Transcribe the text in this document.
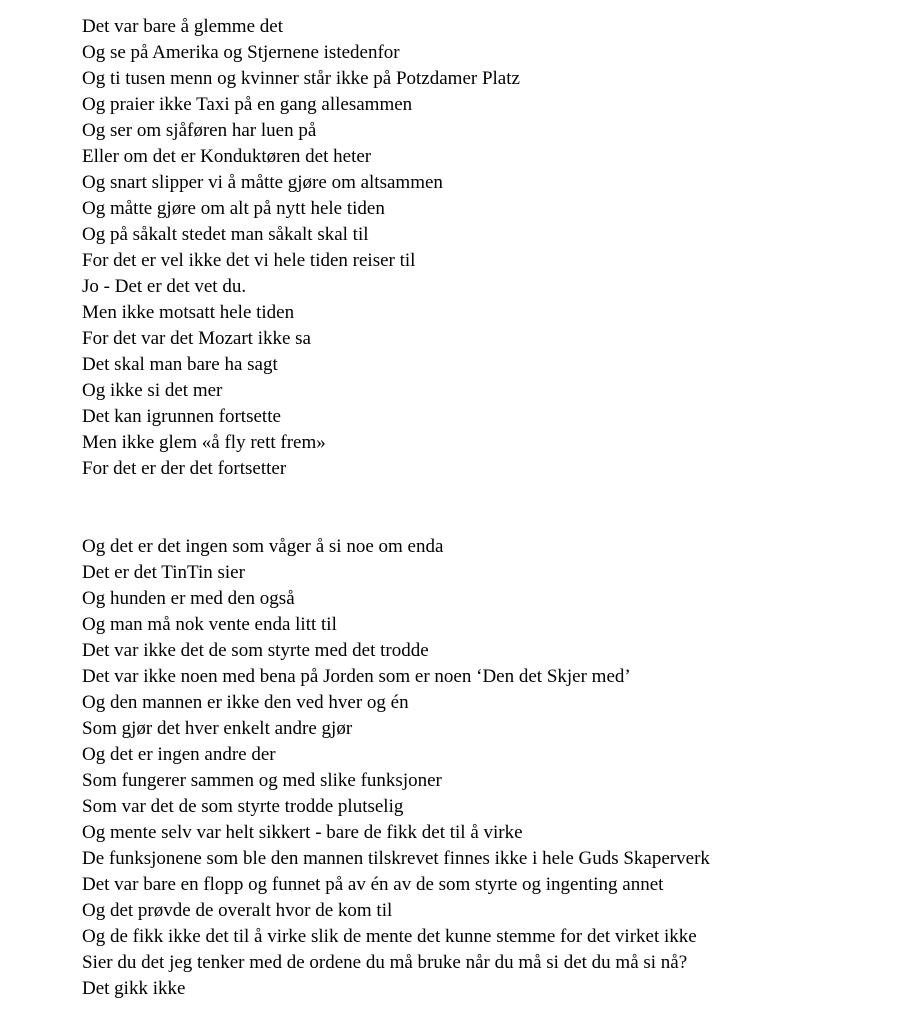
Det var bare å glemme det
Og se på Amerika og Stjernene istedenfor
Og ti tusen menn og kvinner står ikke på Potzdamer Platz
Og praier ikke Taxi på en gang allesammen
Og ser om sjåføren har luen på
Eller om det er Konduktøren det heter
Og snart slipper vi å måtte gjøre om altsammen
Og måtte gjøre om alt på nytt hele tiden
Og på såkalt stedet man såkalt skal til
For det er vel ikke det vi hele tiden reiser til
Jo - Det er det vet du.
Men ikke motsatt hele tiden
For det var det Mozart ikke sa
Det skal man bare ha sagt
Og ikke si det mer
Det kan igrunnen fortsette
Men ikke glem «å fly rett frem»
For det er der det fortsetter
Og det er det ingen som våger å si noe om enda
Det er det TinTin sier
Og hunden er med den også
Og man må nok vente enda litt til
Det var ikke det de som styrte med det trodde
Det var ikke noen med bena på Jorden som er noen ‘Den det Skjer med’
Og den mannen er ikke den ved hver og én
Som gjør det hver enkelt andre gjør
Og det er ingen andre der
Som fungerer sammen og med slike funksjoner
Som var det de som styrte trodde plutselig
Og mente selv var helt sikkert - bare de fikk det til å virke
De funksjonene som ble den mannen tilskrevet finnes ikke i hele Guds Skaperverk
Det var bare en flopp og funnet på av én av de som styrte og ingenting annet
Og det prøvde de overalt hvor de kom til
Og de fikk ikke det til å virke slik de mente det kunne stemme for det virket ikke
Sier du det jeg tenker med de ordene du må bruke når du må si det du må si nå?
Det gikk ikke
